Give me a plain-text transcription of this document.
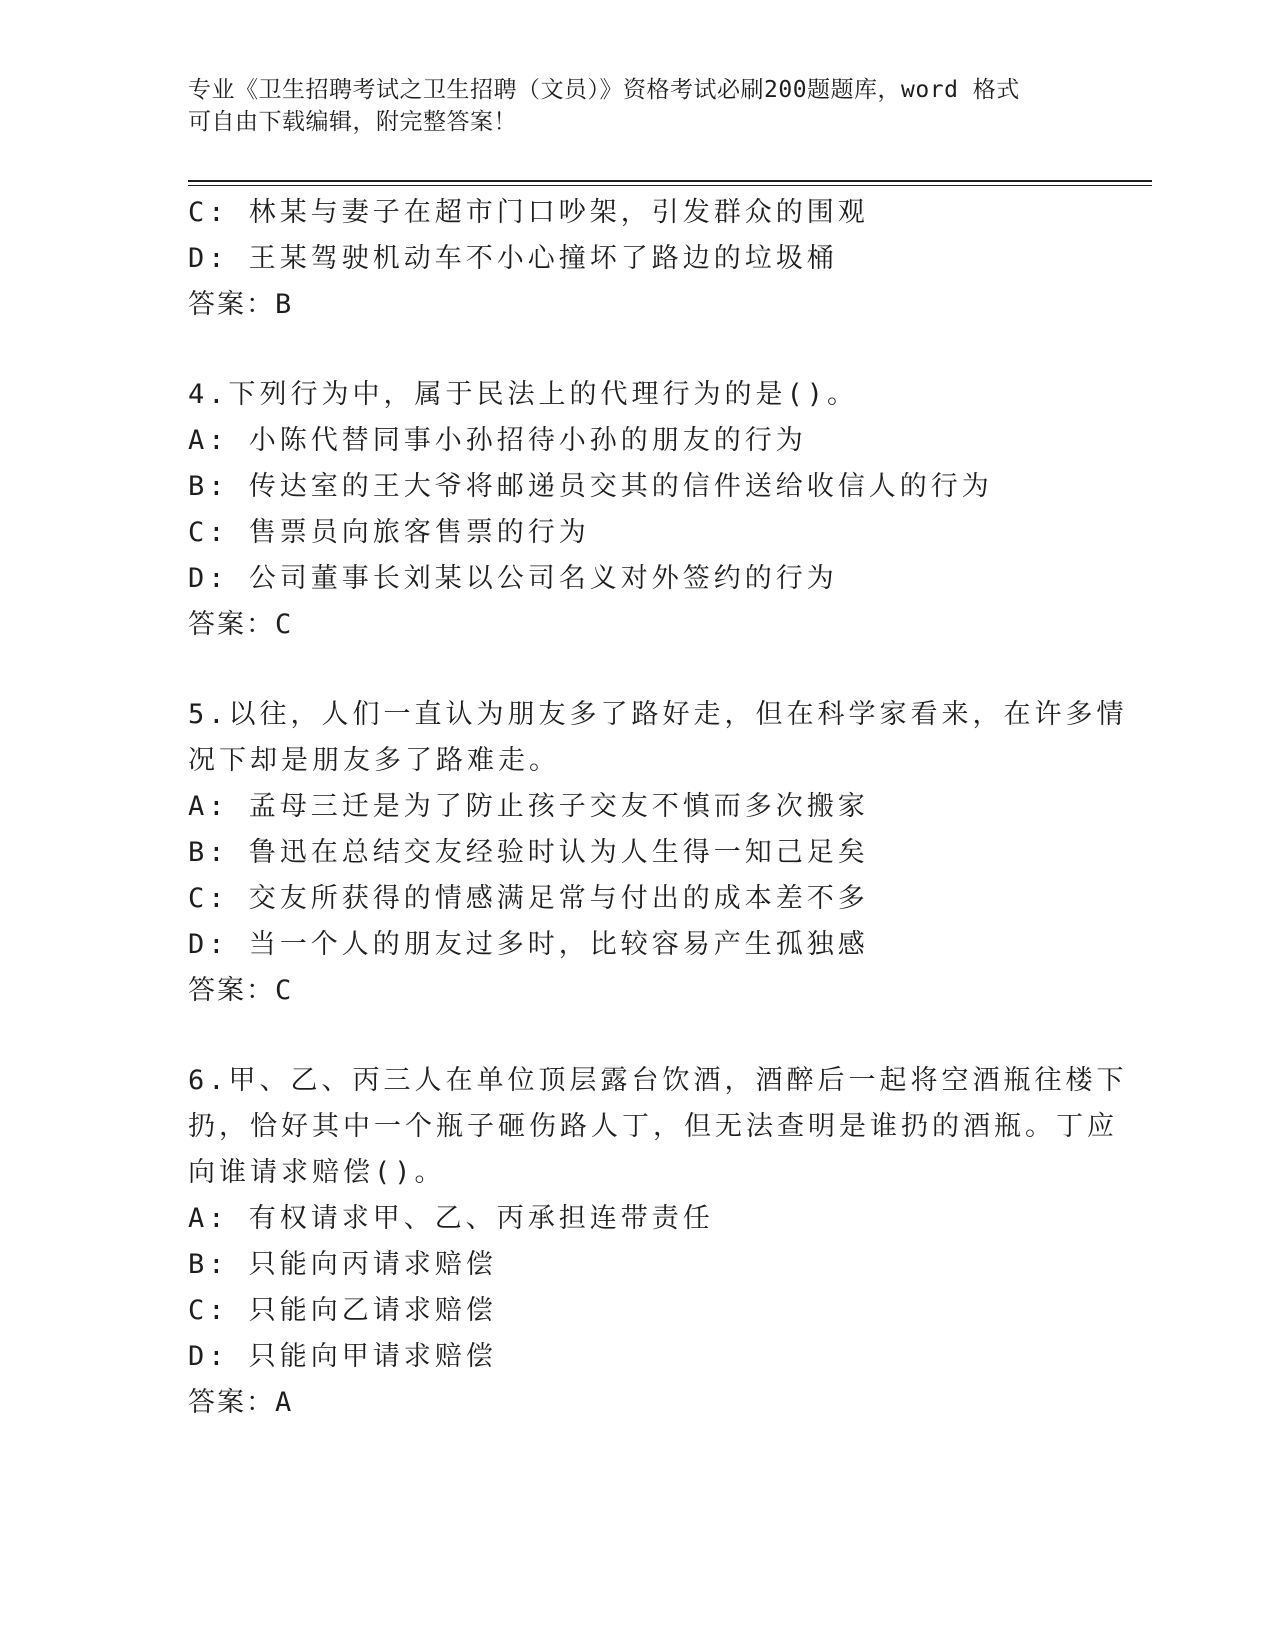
专业《卫生招聘考试之卫生招聘（文员）》资格考试必刷200题题库，word 格式
可自由下载编辑，附完整答案！
C: 林某与妻子在超市门口吵架，引发群众的围观
D: 王某驾驶机动车不小心撞坏了路边的垃圾桶
答案：B
4.下列行为中，属于民法上的代理行为的是()。
A: 小陈代替同事小孙招待小孙的朋友的行为
B: 传达室的王大爷将邮递员交其的信件送给收信人的行为
C: 售票员向旅客售票的行为
D: 公司董事长刘某以公司名义对外签约的行为
答案：C
5.以往，人们一直认为朋友多了路好走，但在科学家看来，在许多情
况下却是朋友多了路难走。
A: 孟母三迁是为了防止孩子交友不慎而多次搬家
B: 鲁迅在总结交友经验时认为人生得一知己足矣
C: 交友所获得的情感满足常与付出的成本差不多
D: 当一个人的朋友过多时，比较容易产生孤独感
答案：C
6.甲、乙、丙三人在单位顶层露台饮酒，酒醉后一起将空酒瓶往楼下
扔，恰好其中一个瓶子砸伤路人丁，但无法查明是谁扔的酒瓶。丁应
向谁请求赔偿()。
A: 有权请求甲、乙、丙承担连带责任
B: 只能向丙请求赔偿
C: 只能向乙请求赔偿
D: 只能向甲请求赔偿
答案：A
